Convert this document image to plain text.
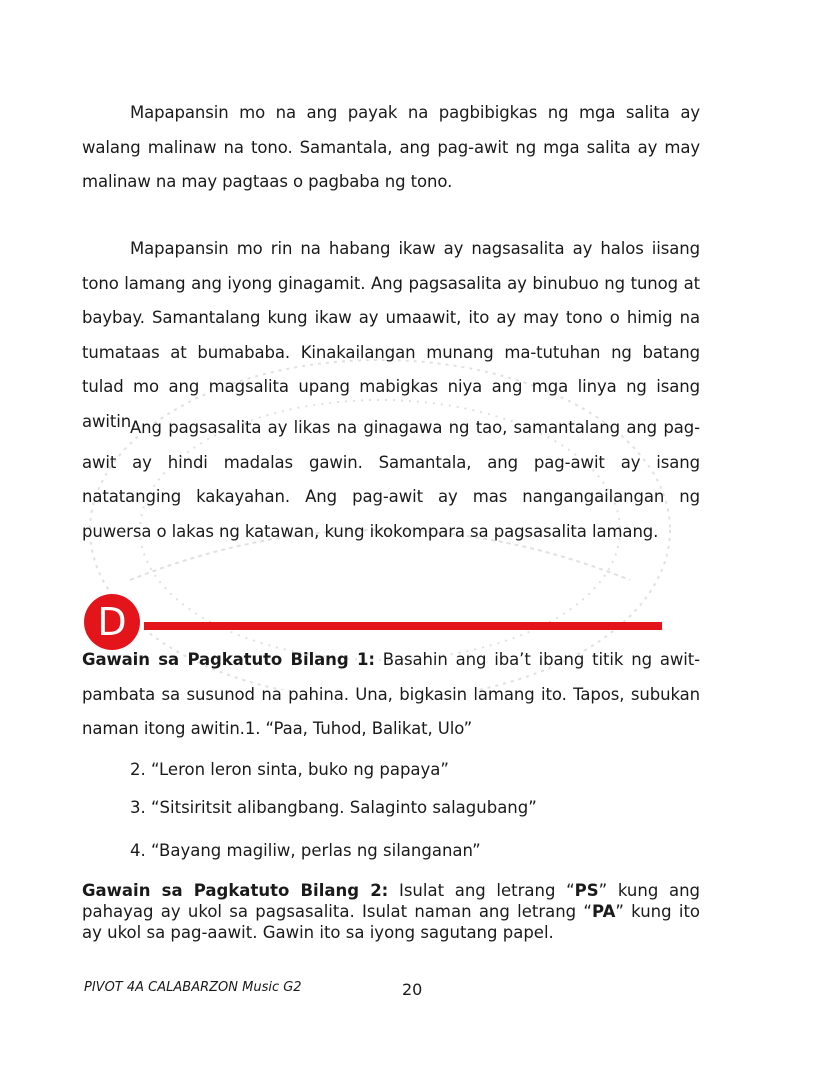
Mapapansin mo na ang payak na pagbibigkas ng mga salita ay walang malinaw na tono. Samantala, ang pag-awit ng mga salita ay may malinaw na may pagtaas o pagbaba ng tono.

Mapapansin mo rin na habang ikaw ay nagsasalita ay halos iisang tono lamang ang iyong ginagamit. Ang pagsasalita ay binubuo ng tunog at baybay. Samantalang kung ikaw ay umaawit, ito ay may tono o himig na tumataas at bumababa. Kinakailangan munang ma-tutuhan ng batang tulad mo ang magsalita upang mabigkas niya ang mga linya ng isang awitin.

Ang pagsasalita ay likas na ginagawa ng tao, samantalang ang pag-awit ay hindi madalas gawin. Samantala, ang pag-awit ay isang natatanging kakayahan. Ang pag-awit ay mas nangangailangan ng puwersa o lakas ng katawan, kung ikokompara sa pagsasalita lamang.

D

Gawain sa Pagkatuto Bilang 1: Basahin ang iba’t ibang titik ng awit-pambata sa susunod na pahina. Una, bigkasin lamang ito. Tapos, subukan naman itong awitin.1. “Paa, Tuhod, Balikat, Ulo”

2. “Leron leron sinta, buko ng papaya”

3. “Sitsiritsit alibangbang. Salaginto salagubang”

4. “Bayang magiliw, perlas ng silanganan”

Gawain sa Pagkatuto Bilang 2: Isulat ang letrang “PS” kung ang pahayag ay ukol sa pagsasalita. Isulat naman ang letrang “PA” kung ito ay ukol sa pag-aawit. Gawin ito sa iyong sagutang papel.

PIVOT 4A CALABARZON Music G2	20
